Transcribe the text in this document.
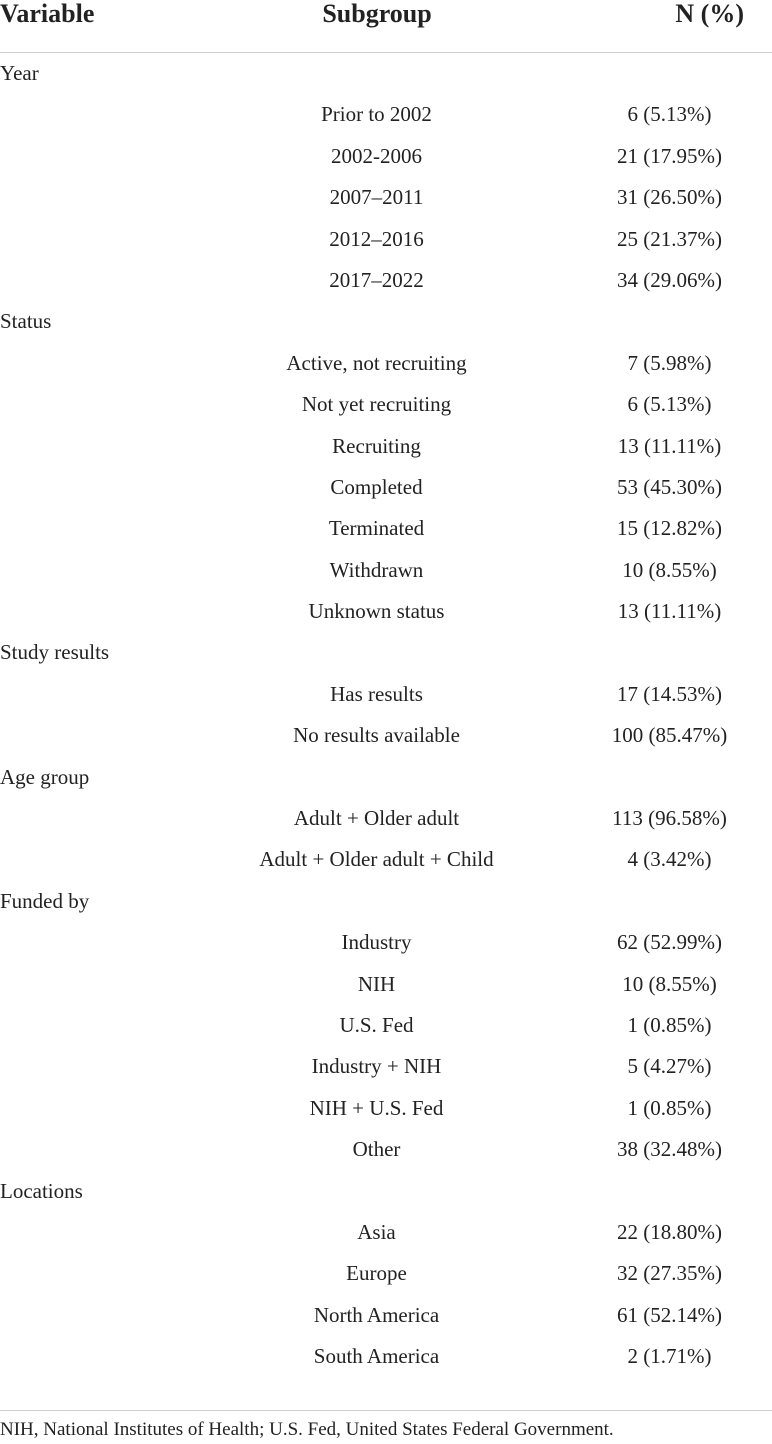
Variable	Subgroup	N (%)
Year
Prior to 2002	6 (5.13%)
2002-2006	21 (17.95%)
2007–2011	31 (26.50%)
2012–2016	25 (21.37%)
2017–2022	34 (29.06%)
Status
Active, not recruiting	7 (5.98%)
Not yet recruiting	6 (5.13%)
Recruiting	13 (11.11%)
Completed	53 (45.30%)
Terminated	15 (12.82%)
Withdrawn	10 (8.55%)
Unknown status	13 (11.11%)
Study results
Has results	17 (14.53%)
No results available	100 (85.47%)
Age group
Adult + Older adult	113 (96.58%)
Adult + Older adult + Child	4 (3.42%)
Funded by
Industry	62 (52.99%)
NIH	10 (8.55%)
U.S. Fed	1 (0.85%)
Industry + NIH	5 (4.27%)
NIH + U.S. Fed	1 (0.85%)
Other	38 (32.48%)
Locations
Asia	22 (18.80%)
Europe	32 (27.35%)
North America	61 (52.14%)
South America	2 (1.71%)
NIH, National Institutes of Health; U.S. Fed, United States Federal Government.
